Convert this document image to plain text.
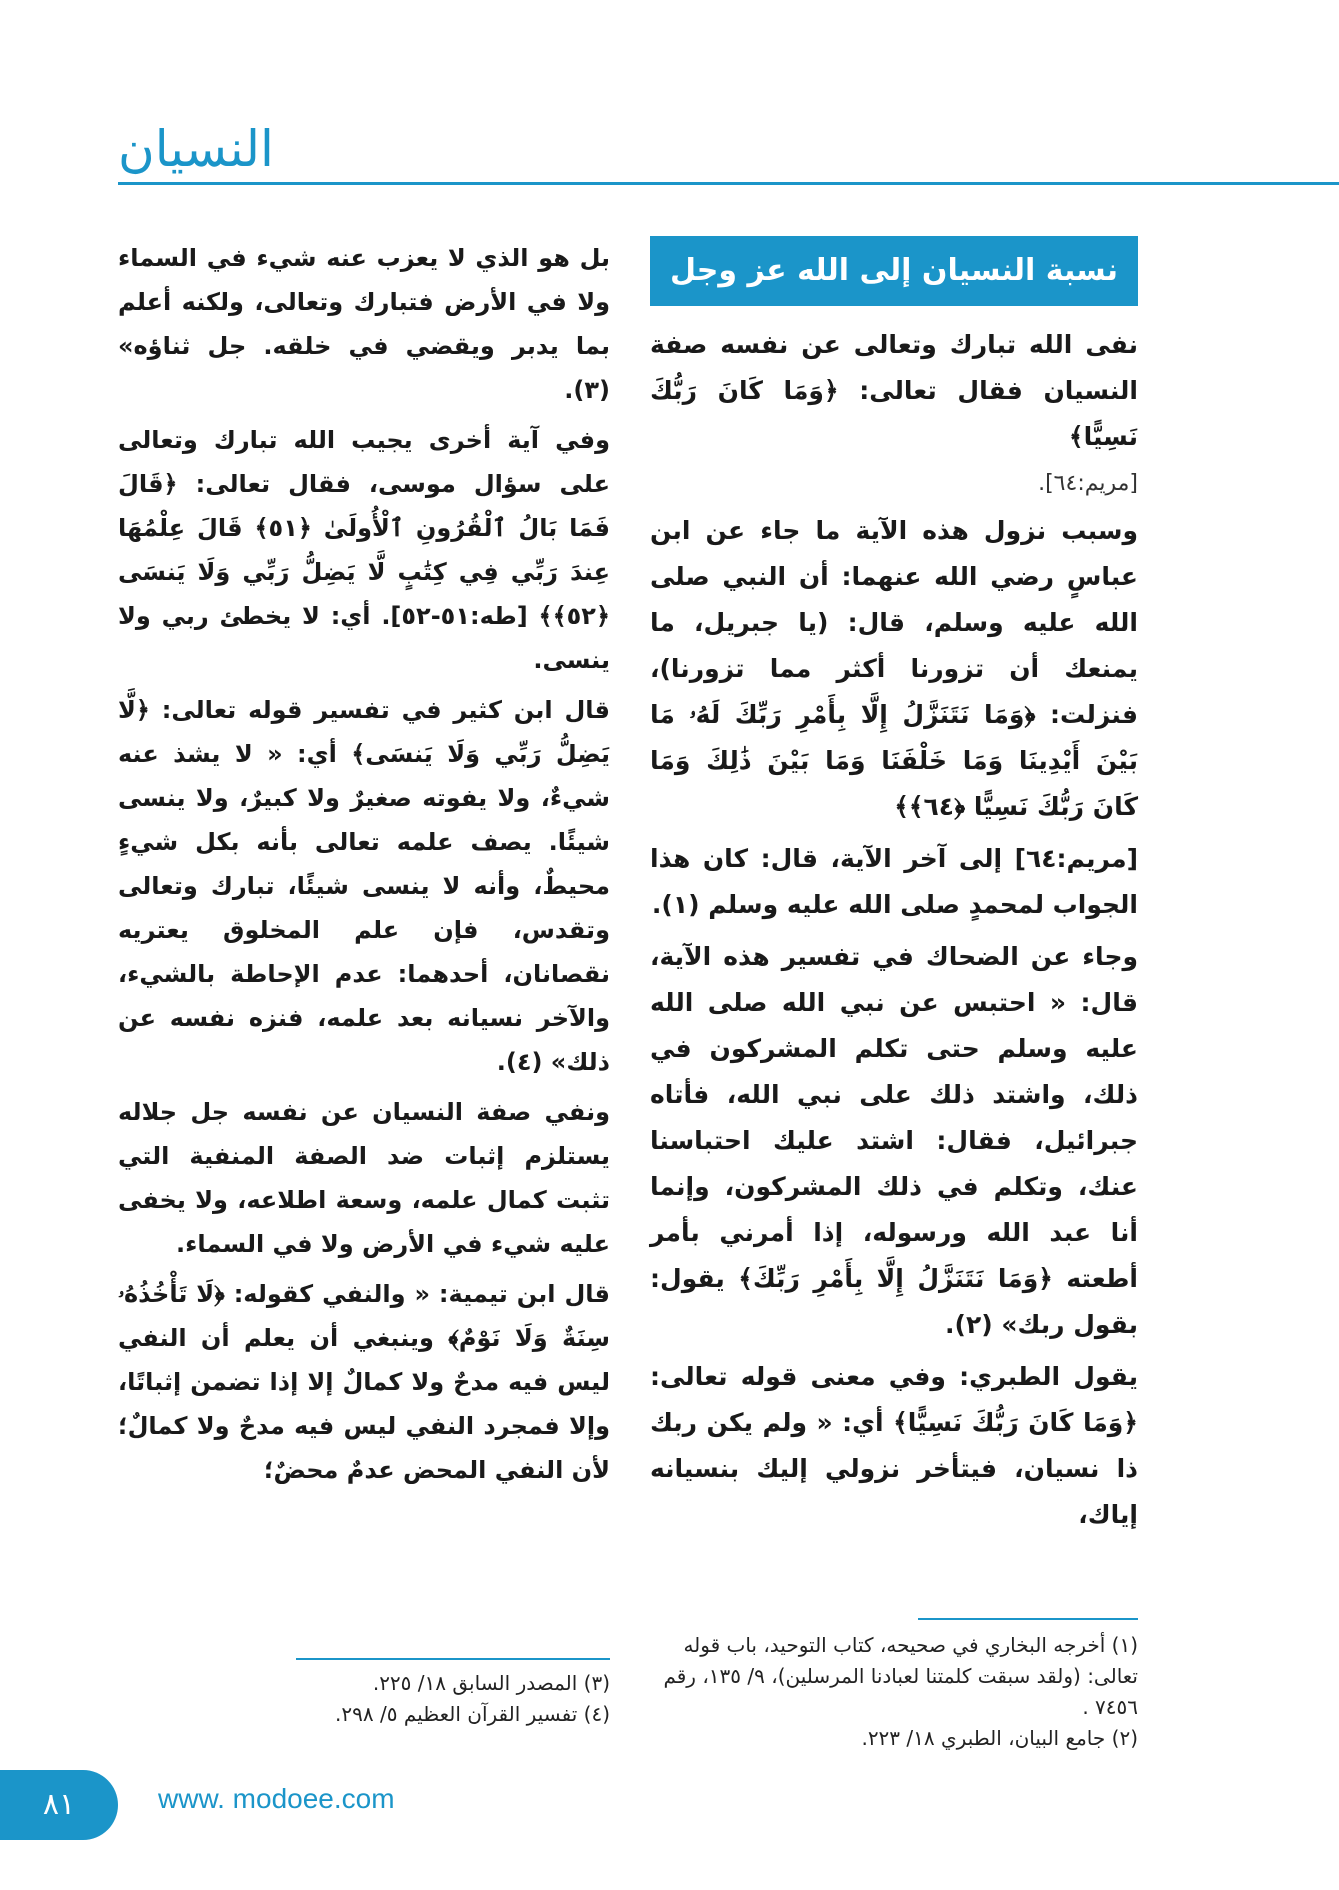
النسيان
نسبة النسيان إلى الله عز وجل

نفى الله تبارك وتعالى عن نفسه صفة النسيان فقال تعالى: ﴿وَمَا كَانَ رَبُّكَ نَسِيًّا﴾

[مريم:٦٤].

وسبب نزول هذه الآية ما جاء عن ابن عباسٍ رضي الله عنهما: أن النبي صلى الله عليه وسلم، قال: (يا جبريل، ما يمنعك أن تزورنا أكثر مما تزورنا)، فنزلت: ﴿وَمَا نَتَنَزَّلُ إِلَّا بِأَمْرِ رَبِّكَ لَهُۥ مَا بَيْنَ أَيْدِينَا وَمَا خَلْفَنَا وَمَا بَيْنَ ذَٰلِكَ وَمَا كَانَ رَبُّكَ نَسِيًّا ﴿٦٤﴾﴾

[مريم:٦٤] إلى آخر الآية، قال: كان هذا الجواب لمحمدٍ صلى الله عليه وسلم (١).

وجاء عن الضحاك في تفسير هذه الآية، قال: « احتبس عن نبي الله صلى الله عليه وسلم حتى تكلم المشركون في ذلك، واشتد ذلك على نبي الله، فأتاه جبرائيل، فقال: اشتد عليك احتباسنا عنك، وتكلم في ذلك المشركون، وإنما أنا عبد الله ورسوله، إذا أمرني بأمر أطعته ﴿وَمَا نَتَنَزَّلُ إِلَّا بِأَمْرِ رَبِّكَ﴾ يقول: بقول ربك» (٢).

يقول الطبري: وفي معنى قوله تعالى: ﴿وَمَا كَانَ رَبُّكَ نَسِيًّا﴾ أي: « ولم يكن ربك ذا نسيان، فيتأخر نزولي إليك بنسيانه إياك،

(١) أخرجه البخاري في صحيحه، كتاب التوحيد، باب قوله تعالى: (ولقد سبقت كلمتنا لعبادنا المرسلين)، ٩/ ١٣٥، رقم ٧٤٥٦ .
(٢) جامع البيان، الطبري ١٨/ ٢٢٣.

بل هو الذي لا يعزب عنه شيء في السماء ولا في الأرض فتبارك وتعالى، ولكنه أعلم بما يدبر ويقضي في خلقه. جل ثناؤه» (٣).

وفي آية أخرى يجيب الله تبارك وتعالى على سؤال موسى، فقال تعالى: ﴿قَالَ فَمَا بَالُ ٱلْقُرُونِ ٱلْأُولَىٰ ﴿٥١﴾ قَالَ عِلْمُهَا عِندَ رَبِّي فِي كِتَٰبٍ لَّا يَضِلُّ رَبِّي وَلَا يَنسَى ﴿٥٢﴾﴾ [طه:٥١-٥٢]. أي: لا يخطئ ربي ولا ينسى.

قال ابن كثير في تفسير قوله تعالى: ﴿لَّا يَضِلُّ رَبِّي وَلَا يَنسَى﴾ أي: « لا يشذ عنه شيءٌ، ولا يفوته صغيرٌ ولا كبيرٌ، ولا ينسى شيئًا. يصف علمه تعالى بأنه بكل شيءٍ محيطٌ، وأنه لا ينسى شيئًا، تبارك وتعالى وتقدس، فإن علم المخلوق يعتريه نقصانان، أحدهما: عدم الإحاطة بالشيء، والآخر نسيانه بعد علمه، فنزه نفسه عن ذلك» (٤).

ونفي صفة النسيان عن نفسه جل جلاله يستلزم إثبات ضد الصفة المنفية التي تثبت كمال علمه، وسعة اطلاعه، ولا يخفى عليه شيء في الأرض ولا في السماء.

قال ابن تيمية: « والنفي كقوله: ﴿لَا تَأْخُذُهُۥ سِنَةٌ وَلَا نَوْمٌ﴾ وينبغي أن يعلم أن النفي ليس فيه مدحٌ ولا كمالٌ إلا إذا تضمن إثباتًا، وإلا فمجرد النفي ليس فيه مدحٌ ولا كمالٌ؛ لأن النفي المحض عدمٌ محضٌ؛

(٣) المصدر السابق ١٨/ ٢٢٥.
(٤) تفسير القرآن العظيم ٥/ ٢٩٨.
٨١	www. modoee.com
